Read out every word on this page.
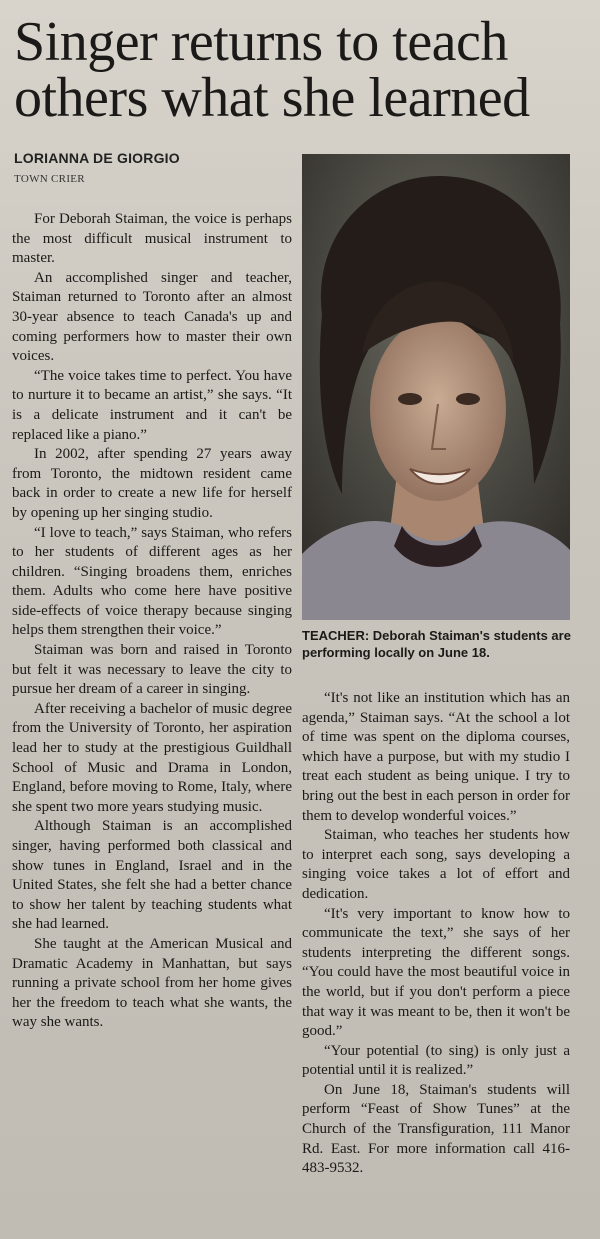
Singer returns to teach
others what she learned
LORIANNA DE GIORGIO
TOWN CRIER

For Deborah Staiman, the voice is perhaps the most difficult musical instrument to master.

An accomplished singer and teacher, Staiman returned to Toronto after an almost 30-year absence to teach Canada's up and coming performers how to master their own voices.

“The voice takes time to perfect. You have to nurture it to became an artist,” she says. “It is a delicate instrument and it can't be replaced like a piano.”

In 2002, after spending 27 years away from Toronto, the midtown resident came back in order to create a new life for herself by opening up her singing studio.

“I love to teach,” says Staiman, who refers to her students of different ages as her children. “Singing broadens them, enriches them. Adults who come here have positive side-effects of voice therapy because singing helps them strengthen their voice.”

Staiman was born and raised in Toronto but felt it was necessary to leave the city to pursue her dream of a career in singing.

After receiving a bachelor of music degree from the University of Toronto, her aspiration lead her to study at the prestigious Guildhall School of Music and Drama in London, England, before moving to Rome, Italy, where she spent two more years studying music.

Although Staiman is an accomplished singer, having performed both classical and show tunes in England, Israel and in the United States, she felt she had a better chance to show her talent by teaching students what she had learned.

She taught at the American Musical and Dramatic Academy in Manhattan, but says running a private school from her home gives her the freedom to teach what she wants, the way she wants.

TEACHER: Deborah Staiman's students are performing locally on June 18.

“It's not like an institution which has an agenda,” Staiman says. “At the school a lot of time was spent on the diploma courses, which have a purpose, but with my studio I treat each student as being unique. I try to bring out the best in each person in order for them to develop wonderful voices.”

Staiman, who teaches her students how to interpret each song, says developing a singing voice takes a lot of effort and dedication.

“It's very important to know how to communicate the text,” she says of her students interpreting the different songs. “You could have the most beautiful voice in the world, but if you don't perform a piece that way it was meant to be, then it won't be good.”

“Your potential (to sing) is only just a potential until it is realized.”

On June 18, Staiman's students will perform “Feast of Show Tunes” at the Church of the Transfiguration, 111 Manor Rd. East. For more information call 416-483-9532.
